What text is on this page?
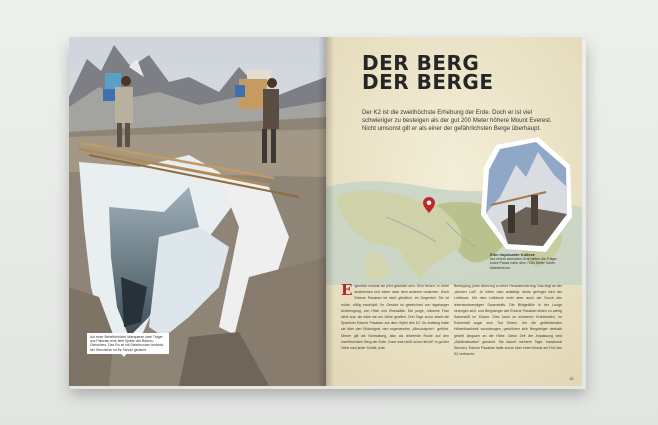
Auf einer Behelfsbrücke überqueren zwei Träger aus Pakistan eine tiefe Spalte des Baltoro-Gletschers. Das Eis ist mit Steinbrocken bedeckt, der Überzieher ist für Schutz gedacht.
DER BERG
DER BERGE
Der K2 ist die zweithöchste Erhebung der Erde. Doch er ist viel schwieriger zu besteigen als der gut 200 Meter höhere Mount Everest. Nicht umsonst gilt er als einer der gefährlichsten Berge überhaupt.
Eine imposante Kulisse
Auf einem schmalen Grat halten die Träger kurze Pause nahe dem 7284 Meter hohen Masherbrum.
Eigentlich müsste sie jetzt glücklich sein. Sich freuen, in Jubel ausbrechen und einen nach dem anderen umarmen. Doch Edurne Pasaban ist nicht glücklich. Im Gegenteil. Sie ist müde, völlig erschöpft. Ihr Gesicht ist gezeichnet von tagelanger Anstrengung, von Hitze und Eiseskälte. Die junge, hübsche Frau sieht aus, als wäre sie um Jahre gealtert. Drei Tage zuvor stand die Spanierin Edurne Pasaban auf dem Gipfel des K2. Ihr Aufstieg hatte sie über den Südostgrat, den sogenannten „Abruzzisporn“, geführt. Dieser gilt als Normalweg, also als leichteste Route auf den zweithöchsten Berg der Erde. Doch was heißt schon leicht? In großer Höhe wird jeder Schritt, jede
Bewegung, jeder Atemzug zu einer Herausforderung. Das liegt an der „dünnen Luft“. Je höher man aufsteigt, desto geringer wird der Luftdruck. Mit dem Luftdruck sinkt aber auch der Druck des lebensnotwendigen Sauerstoffs. Die Blutgefäße in der Lunge verengen sich, und Bergsteiger wie Edurne Pasaban leiden zu wenig Sauerstoff im Körper. Dies kann zu schweren Krankheiten, im Extremfall sogar zum Tod führen. Um die gefährlichsten Höhenkrankheit vorzubeugen, gewöhnen sich Bergsteiger deshalb gezielt langsam an die Höhe. Diese Zeit der Anpassung wird „Akklimatisation“ genannt. Sie dauert mehrere Tage, manchmal Wochen. Edurne Pasaban hatte schon über einen Monat am Fuß des K2 verbracht.
15
